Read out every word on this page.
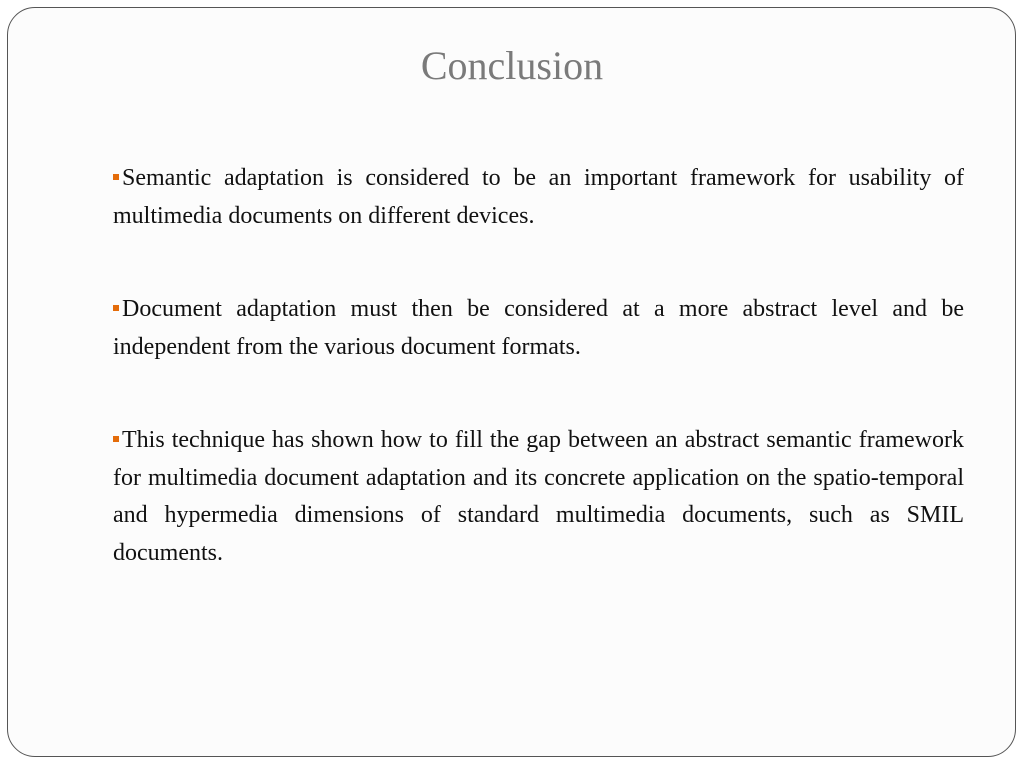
Conclusion
Semantic adaptation is considered to be an important framework for usability of multimedia documents on different devices.
Document adaptation must then be considered at a more abstract level and be independent from the various document formats.
This technique has shown how to fill the gap between an abstract semantic framework for multimedia document adaptation and its concrete application on the spatio-temporal and hypermedia dimensions of standard multimedia documents, such as SMIL documents.
